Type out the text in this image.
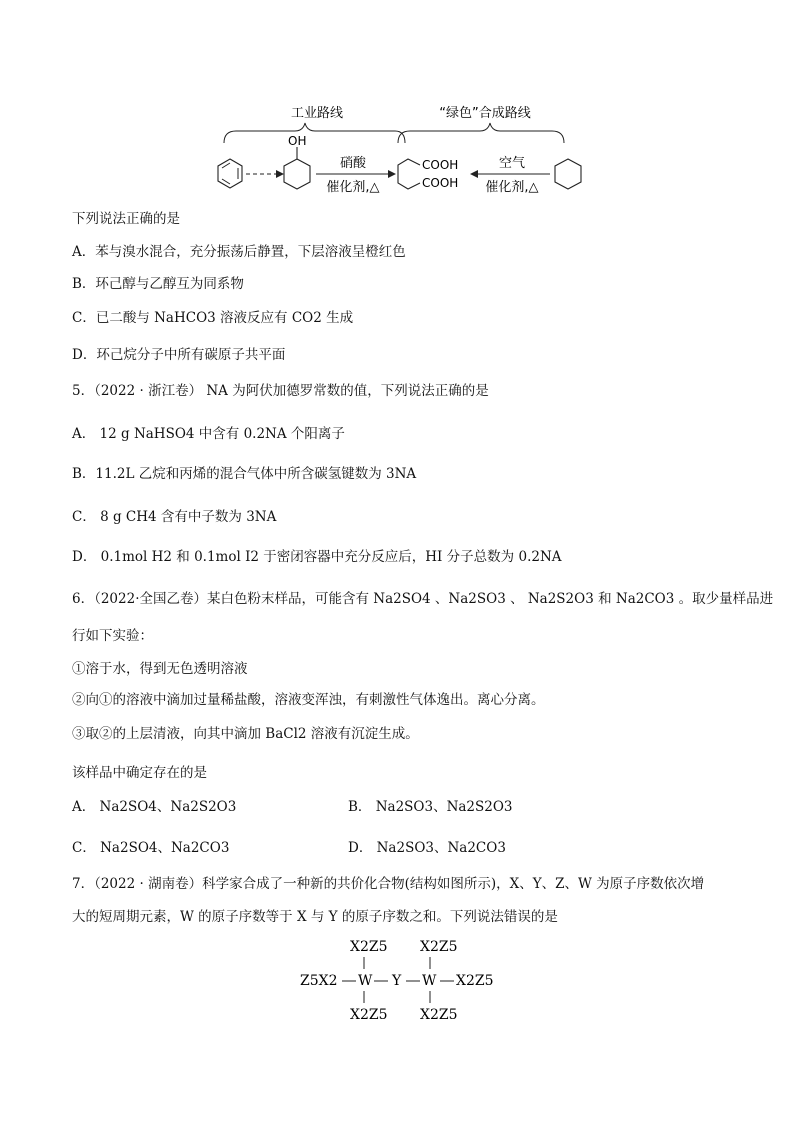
工业路线	“绿色”合成路线
OH
硝酸
催化剂,△
COOH
COOH
空气
催化剂,△
下列说法正确的是
A．苯与溴水混合，充分振荡后静置，下层溶液呈橙红色
B．环己醇与乙醇互为同系物
C．已二酸与 NaHCO3 溶液反应有 CO2 生成
D．环己烷分子中所有碳原子共平面
5．（2022 · 浙江卷） NA 为阿伏加德罗常数的值，下列说法正确的是
A． 12 g NaHSO4 中含有 0.2NA 个阳离子
B．11.2L 乙烷和丙烯的混合气体中所含碳氢键数为 3NA
C． 8 g CH4 含有中子数为 3NA
D． 0.1mol H2 和 0.1mol I2 于密闭容器中充分反应后，HI 分子总数为 0.2NA
6．（2022·全国乙卷）某白色粉末样品，可能含有 Na2SO4 、Na2SO3 、 Na2S2O3 和 Na2CO3 。取少量样品进
行如下实验：
①溶于水，得到无色透明溶液
②向①的溶液中滴加过量稀盐酸，溶液变浑浊，有刺激性气体逸出。离心分离。
③取②的上层清液，向其中滴加 BaCl2 溶液有沉淀生成。
该样品中确定存在的是
A． Na2SO4、Na2S2O3	B． Na2SO3、Na2S2O3
C． Na2SO4、Na2CO3	D． Na2SO3、Na2CO3
7．（2022 · 湖南卷）科学家合成了一种新的共价化合物(结构如图所示)，X、Y、Z、W 为原子序数依次增
大的短周期元素，W 的原子序数等于 X 与 Y 的原子序数之和。下列说法错误的是
X2Z5 X2Z5
Z5X2 W Y W X2Z5
X2Z5 X2Z5
